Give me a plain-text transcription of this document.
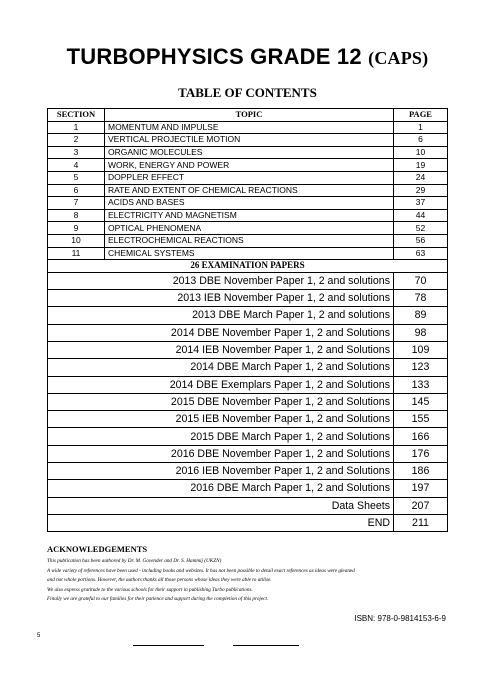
TURBOPHYSICS GRADE 12 (CAPS)
TABLE OF CONTENTS
SECTION	TOPIC	PAGE
1	MOMENTUM AND IMPULSE	1
2	VERTICAL PROJECTILE MOTION	6
3	ORGANIC MOLECULES	10
4	WORK, ENERGY AND POWER	19
5	DOPPLER EFFECT	24
6	RATE AND EXTENT OF CHEMICAL REACTIONS	29
7	ACIDS AND BASES	37
8	ELECTRICITY AND MAGNETISM	44
9	OPTICAL PHENOMENA	52
10	ELECTROCHEMICAL REACTIONS	56
11	CHEMICAL SYSTEMS	63
26 EXAMINATION PAPERS		
2013 DBE November Paper 1, 2 and solutions		70
2013 IEB November Paper 1, 2 and solutions		78
2013 DBE March Paper 1, 2 and solutions		89
2014 DBE November Paper 1, 2 and Solutions		98
2014 IEB November Paper 1, 2 and Solutions		109
2014 DBE March Paper 1, 2 and Solutions		123
2014 DBE Exemplars Paper 1, 2 and Solutions		133
2015 DBE November Paper 1, 2 and Solutions		145
2015 IEB November Paper 1, 2 and Solutions		155
2015 DBE March Paper 1, 2 and Solutions		166
2016 DBE November Paper 1, 2 and Solutions		176
2016 IEB November Paper 1, 2 and Solutions		186
2016 DBE March Paper 1, 2 and Solutions		197
Data Sheets		207
END		211
ACKNOWLEDGEMENTS
This publication has been authored by Dr. M. Govender and Dr. S. Hammij (UKZN)
A wide variety of references have been used - including books and websites. It has not been possible to detail exact references as ideas were gleaned
and not whole portions. However, the authors thanks all those persons whose ideas they were able to utilise.
We also express gratitude to the various schools for their support in publishing Turbo publications.
Finally we are grateful to our families for their patience and support during the completion of this project.
ISBN: 978-0-9814153-6-9
5
